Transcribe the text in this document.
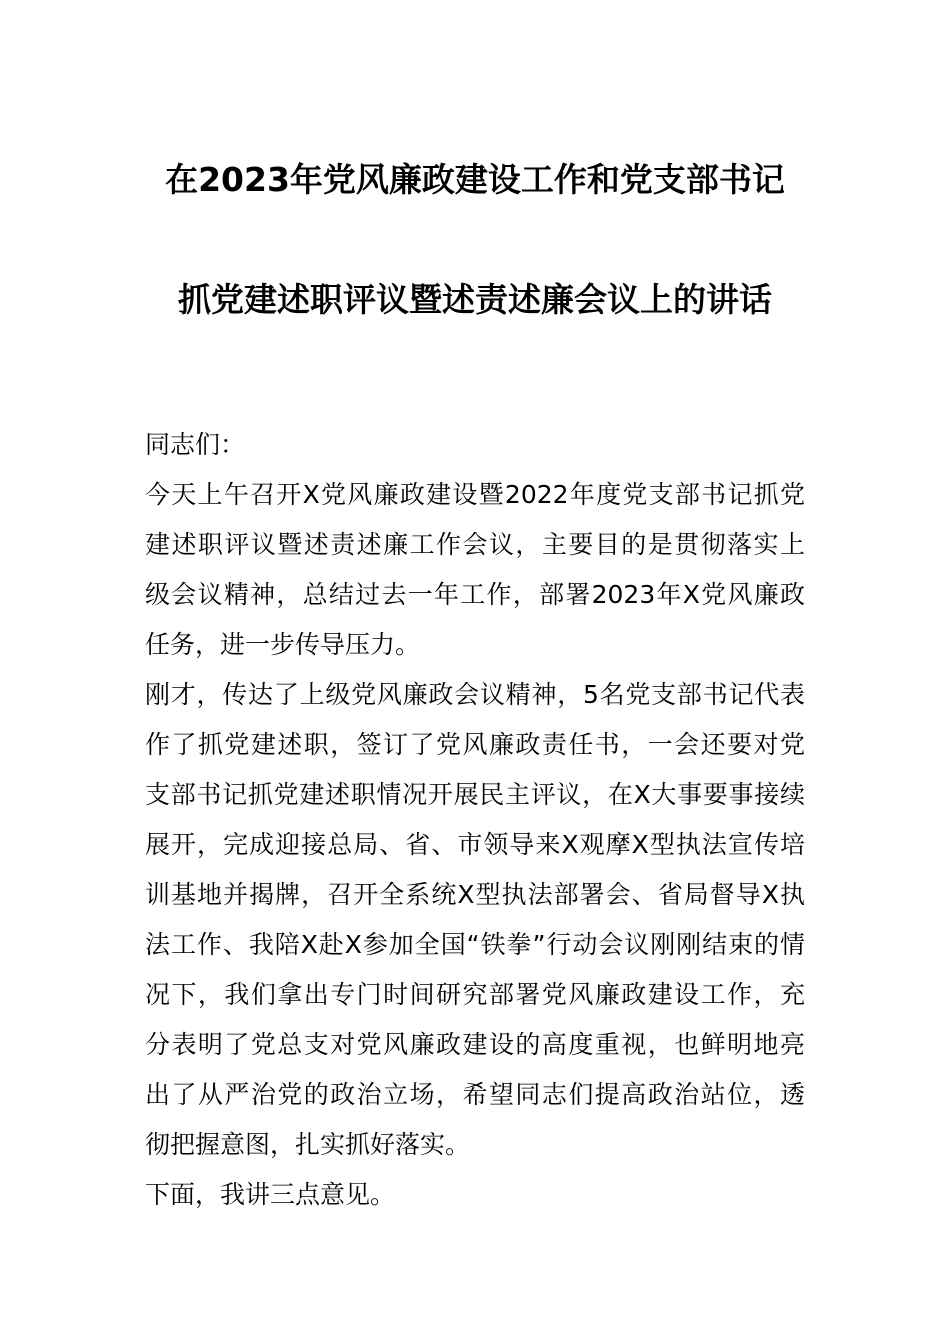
在2023年党风廉政建设工作和党支部书记
抓党建述职评议暨述责述廉会议上的讲话
同志们：
今天上午召开X党风廉政建设暨2022年度党支部书记抓党
建述职评议暨述责述廉工作会议，主要目的是贯彻落实上
级会议精神，总结过去一年工作，部署2023年X党风廉政
任务，进一步传导压力。
刚才，传达了上级党风廉政会议精神，5名党支部书记代表
作了抓党建述职，签订了党风廉政责任书，一会还要对党
支部书记抓党建述职情况开展民主评议，在X大事要事接续
展开，完成迎接总局、省、市领导来X观摩X型执法宣传培
训基地并揭牌，召开全系统X型执法部署会、省局督导X执
法工作、我陪X赴X参加全国“铁拳”行动会议刚刚结束的情
况下，我们拿出专门时间研究部署党风廉政建设工作，充
分表明了党总支对党风廉政建设的高度重视，也鲜明地亮
出了从严治党的政治立场，希望同志们提高政治站位，透
彻把握意图，扎实抓好落实。
下面，我讲三点意见。
